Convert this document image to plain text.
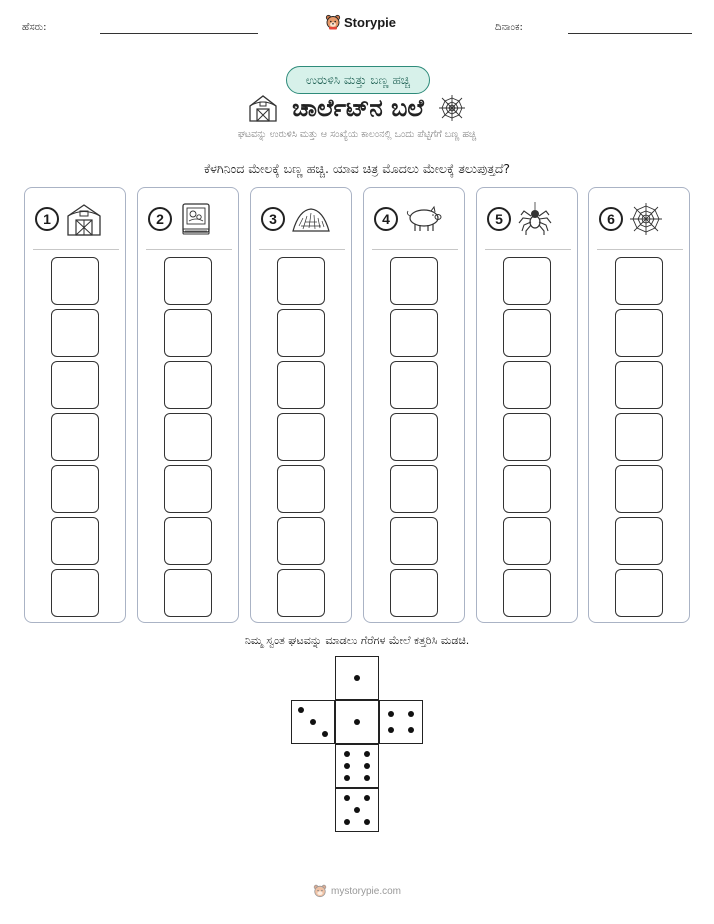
ಹೆಸರು:	Storypie	ದಿನಾಂಕ:
ಉರುಳಿಸಿ ಮತ್ತು ಬಣ್ಣ ಹಚ್ಚಿ
ಚಾರ್ಲೆಟ್‌ನ ಬಲೆ
ಘಟವನ್ನು ಉರುಳಿಸಿ ಮತ್ತು ಆ ಸಂಖ್ಯೆಯ ಕಾಲಂನಲ್ಲಿ ಒಂದು ಪೆಟ್ಟಿಗೆಗೆ ಬಣ್ಣ ಹಚ್ಚಿ
ಕೆಳಗಿನಿಂದ ಮೇಲಕ್ಕೆ ಬಣ್ಣ ಹಚ್ಚಿ. ಯಾವ ಚಿತ್ರ ಮೊದಲು ಮೇಲಕ್ಕೆ ತಲುಪುತ್ತದೆ?
1	2	3	4	5	6
ನಿಮ್ಮ ಸ್ವಂತ ಘಟವನ್ನು ಮಾಡಲು ಗೆರೆಗಳ ಮೇಲೆ ಕತ್ತರಿಸಿ ಮಡಚಿ.
mystorypie.com
